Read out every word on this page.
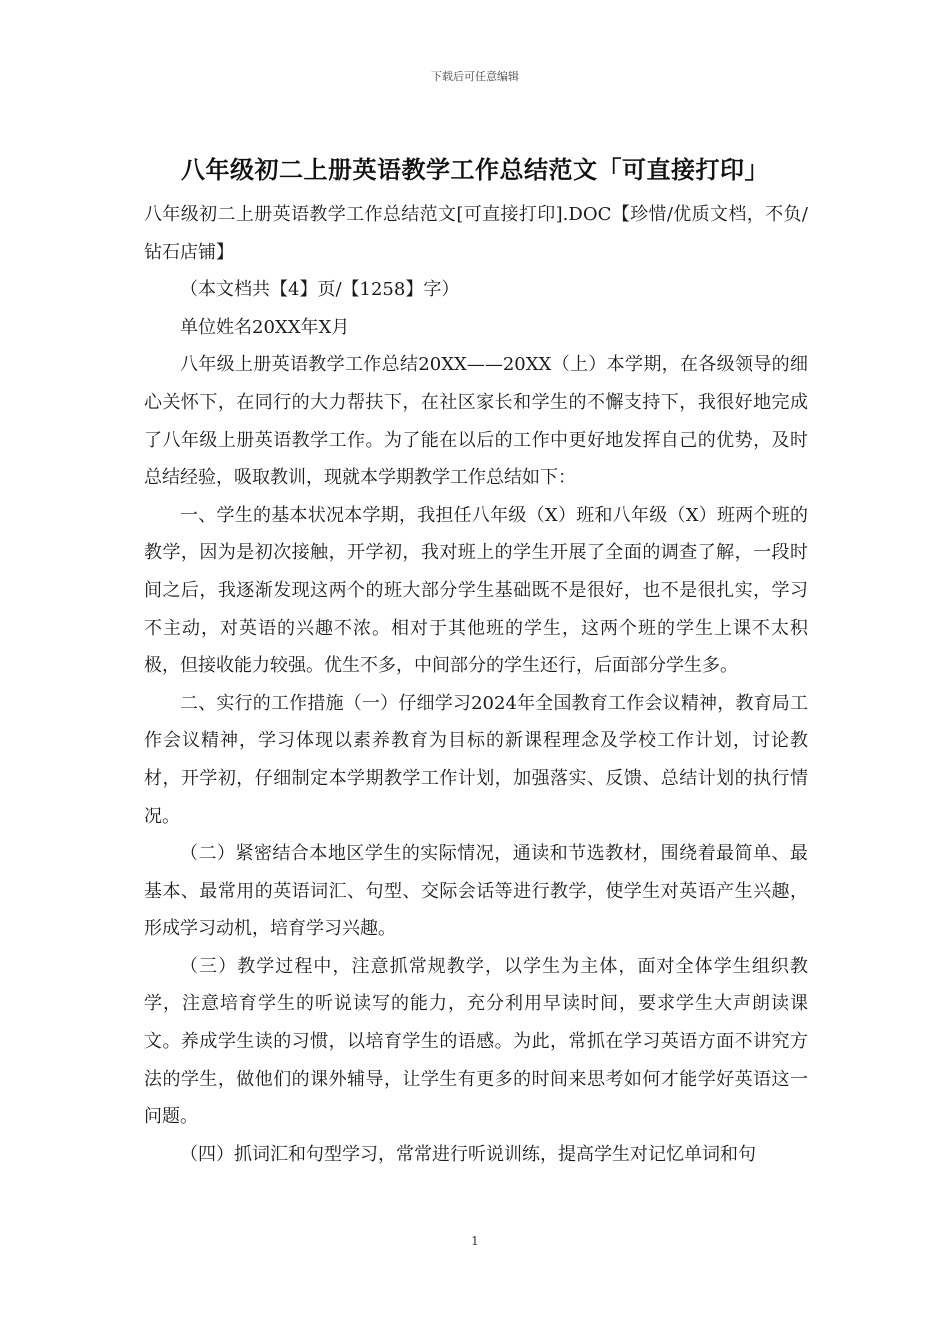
下载后可任意编辑
八年级初二上册英语教学工作总结范文「可直接打印」

八年级初二上册英语教学工作总结范文[可直接打印].DOC【珍惜/优质文档，不负/钻石店铺】

（本文档共【4】页/【1258】字）

单位姓名20XX年X月

八年级上册英语教学工作总结20XX——20XX（上）本学期，在各级领导的细心关怀下，在同行的大力帮扶下，在社区家长和学生的不懈支持下，我很好地完成了八年级上册英语教学工作。为了能在以后的工作中更好地发挥自己的优势，及时总结经验，吸取教训，现就本学期教学工作总结如下：

一、学生的基本状况本学期，我担任八年级（X）班和八年级（X）班两个班的教学，因为是初次接触，开学初，我对班上的学生开展了全面的调查了解，一段时间之后，我逐渐发现这两个的班大部分学生基础既不是很好，也不是很扎实，学习不主动，对英语的兴趣不浓。相对于其他班的学生，这两个班的学生上课不太积极，但接收能力较强。优生不多，中间部分的学生还行，后面部分学生多。

二、实行的工作措施（一）仔细学习2024年全国教育工作会议精神，教育局工作会议精神，学习体现以素养教育为目标的新课程理念及学校工作计划，讨论教材，开学初，仔细制定本学期教学工作计划，加强落实、反馈、总结计划的执行情况。

（二）紧密结合本地区学生的实际情况，通读和节选教材，围绕着最简单、最基本、最常用的英语词汇、句型、交际会话等进行教学，使学生对英语产生兴趣，形成学习动机，培育学习兴趣。

（三）教学过程中，注意抓常规教学，以学生为主体，面对全体学生组织教学，注意培育学生的听说读写的能力，充分利用早读时间，要求学生大声朗读课文。养成学生读的习惯，以培育学生的语感。为此，常抓在学习英语方面不讲究方法的学生，做他们的课外辅导，让学生有更多的时间来思考如何才能学好英语这一问题。

（四）抓词汇和句型学习，常常进行听说训练，提高学生对记忆单词和句

1
